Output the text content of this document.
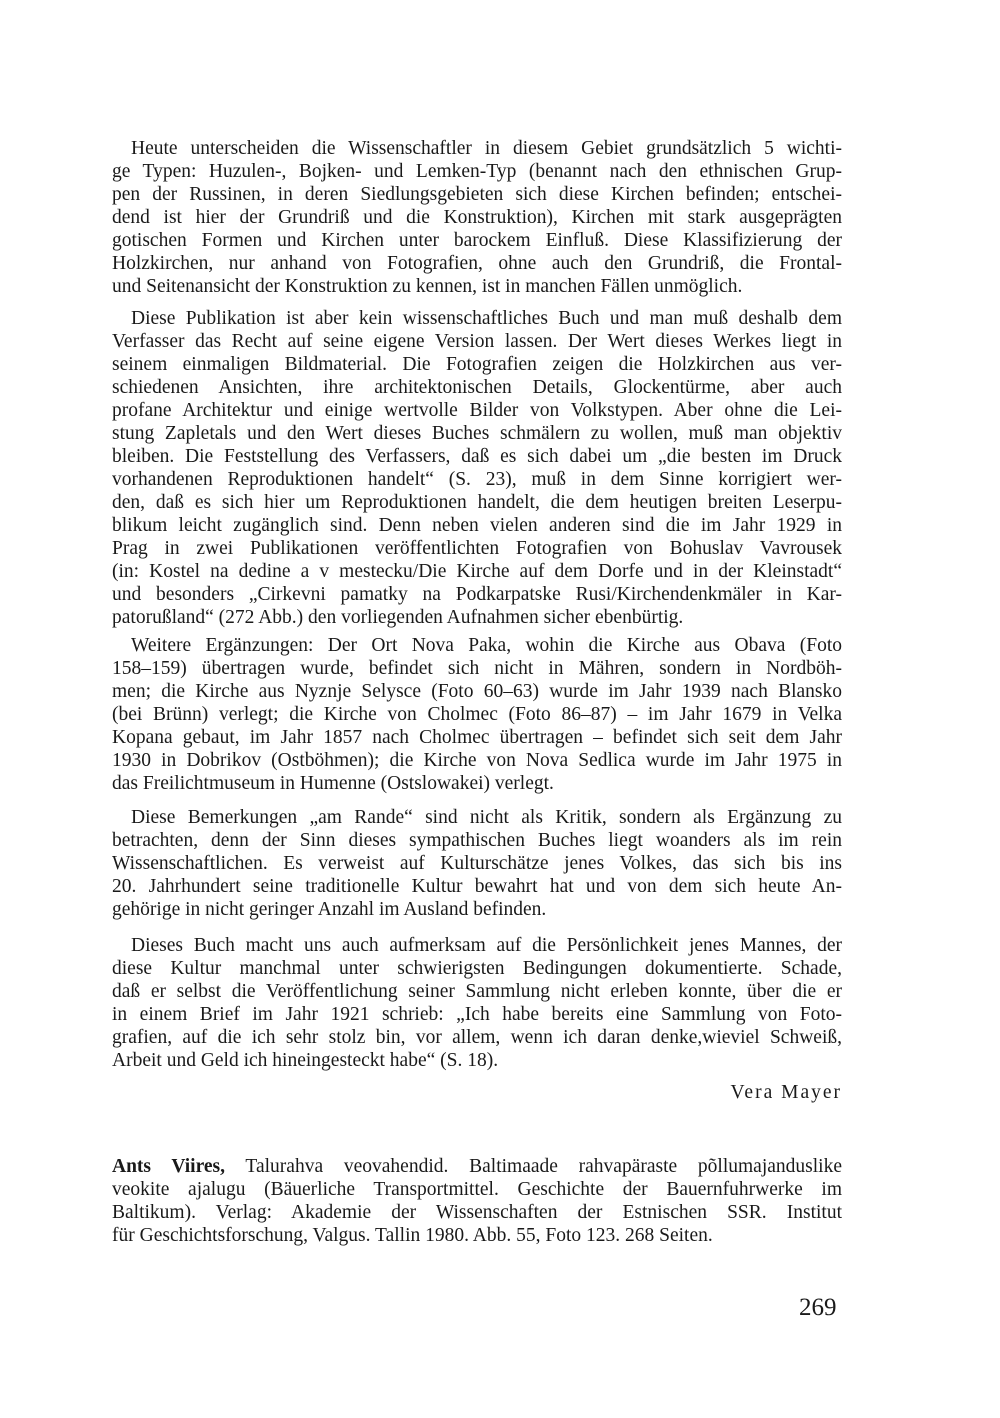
Heute unterscheiden die Wissenschaftler in diesem Gebiet grundsätzlich 5 wichti-
ge Typen: Huzulen-, Bojken- und Lemken-Typ (benannt nach den ethnischen Grup-
pen der Russinen, in deren Siedlungsgebieten sich diese Kirchen befinden; entschei-
dend ist hier der Grundriß und die Konstruktion), Kirchen mit stark ausgeprägten
gotischen Formen und Kirchen unter barockem Einfluß. Diese Klassifizierung der
Holzkirchen, nur anhand von Fotografien, ohne auch den Grundriß, die Frontal-
und Seitenansicht der Konstruktion zu kennen, ist in manchen Fällen unmöglich.
Diese Publikation ist aber kein wissenschaftliches Buch und man muß deshalb dem
Verfasser das Recht auf seine eigene Version lassen. Der Wert dieses Werkes liegt in
seinem einmaligen Bildmaterial. Die Fotografien zeigen die Holzkirchen aus ver-
schiedenen Ansichten, ihre architektonischen Details, Glockentürme, aber auch
profane Architektur und einige wertvolle Bilder von Volkstypen. Aber ohne die Lei-
stung Zapletals und den Wert dieses Buches schmälern zu wollen, muß man objektiv
bleiben. Die Feststellung des Verfassers, daß es sich dabei um „die besten im Druck
vorhandenen Reproduktionen handelt“ (S. 23), muß in dem Sinne korrigiert wer-
den, daß es sich hier um Reproduktionen handelt, die dem heutigen breiten Leserpu-
blikum leicht zugänglich sind. Denn neben vielen anderen sind die im Jahr 1929 in
Prag in zwei Publikationen veröffentlichten Fotografien von Bohuslav Vavrousek
(in: Kostel na dedine a v mestecku/Die Kirche auf dem Dorfe und in der Kleinstadt“
und besonders „Cirkevni pamatky na Podkarpatske Rusi/Kirchendenkmäler in Kar-
patorußland“ (272 Abb.) den vorliegenden Aufnahmen sicher ebenbürtig.
Weitere Ergänzungen: Der Ort Nova Paka, wohin die Kirche aus Obava (Foto
158–159) übertragen wurde, befindet sich nicht in Mähren, sondern in Nordböh-
men; die Kirche aus Nyznje Selysce (Foto 60–63) wurde im Jahr 1939 nach Blansko
(bei Brünn) verlegt; die Kirche von Cholmec (Foto 86–87) – im Jahr 1679 in Velka
Kopana gebaut, im Jahr 1857 nach Cholmec übertragen – befindet sich seit dem Jahr
1930 in Dobrikov (Ostböhmen); die Kirche von Nova Sedlica wurde im Jahr 1975 in
das Freilichtmuseum in Humenne (Ostslowakei) verlegt.
Diese Bemerkungen „am Rande“ sind nicht als Kritik, sondern als Ergänzung zu
betrachten, denn der Sinn dieses sympathischen Buches liegt woanders als im rein
Wissenschaftlichen. Es verweist auf Kulturschätze jenes Volkes, das sich bis ins
20. Jahrhundert seine traditionelle Kultur bewahrt hat und von dem sich heute An-
gehörige in nicht geringer Anzahl im Ausland befinden.
Dieses Buch macht uns auch aufmerksam auf die Persönlichkeit jenes Mannes, der
diese Kultur manchmal unter schwierigsten Bedingungen dokumentierte. Schade,
daß er selbst die Veröffentlichung seiner Sammlung nicht erleben konnte, über die er
in einem Brief im Jahr 1921 schrieb: „Ich habe bereits eine Sammlung von Foto-
grafien, auf die ich sehr stolz bin, vor allem, wenn ich daran denke,wieviel Schweiß,
Arbeit und Geld ich hineingesteckt habe“ (S. 18).
Vera Mayer
Ants Viires, Talurahva veovahendid. Baltimaade rahvapäraste põllumajanduslike
veokite ajalugu (Bäuerliche Transportmittel. Geschichte der Bauernfuhrwerke im
Baltikum). Verlag: Akademie der Wissenschaften der Estnischen SSR. Institut
für Geschichtsforschung, Valgus. Tallin 1980. Abb. 55, Foto 123. 268 Seiten.
269
